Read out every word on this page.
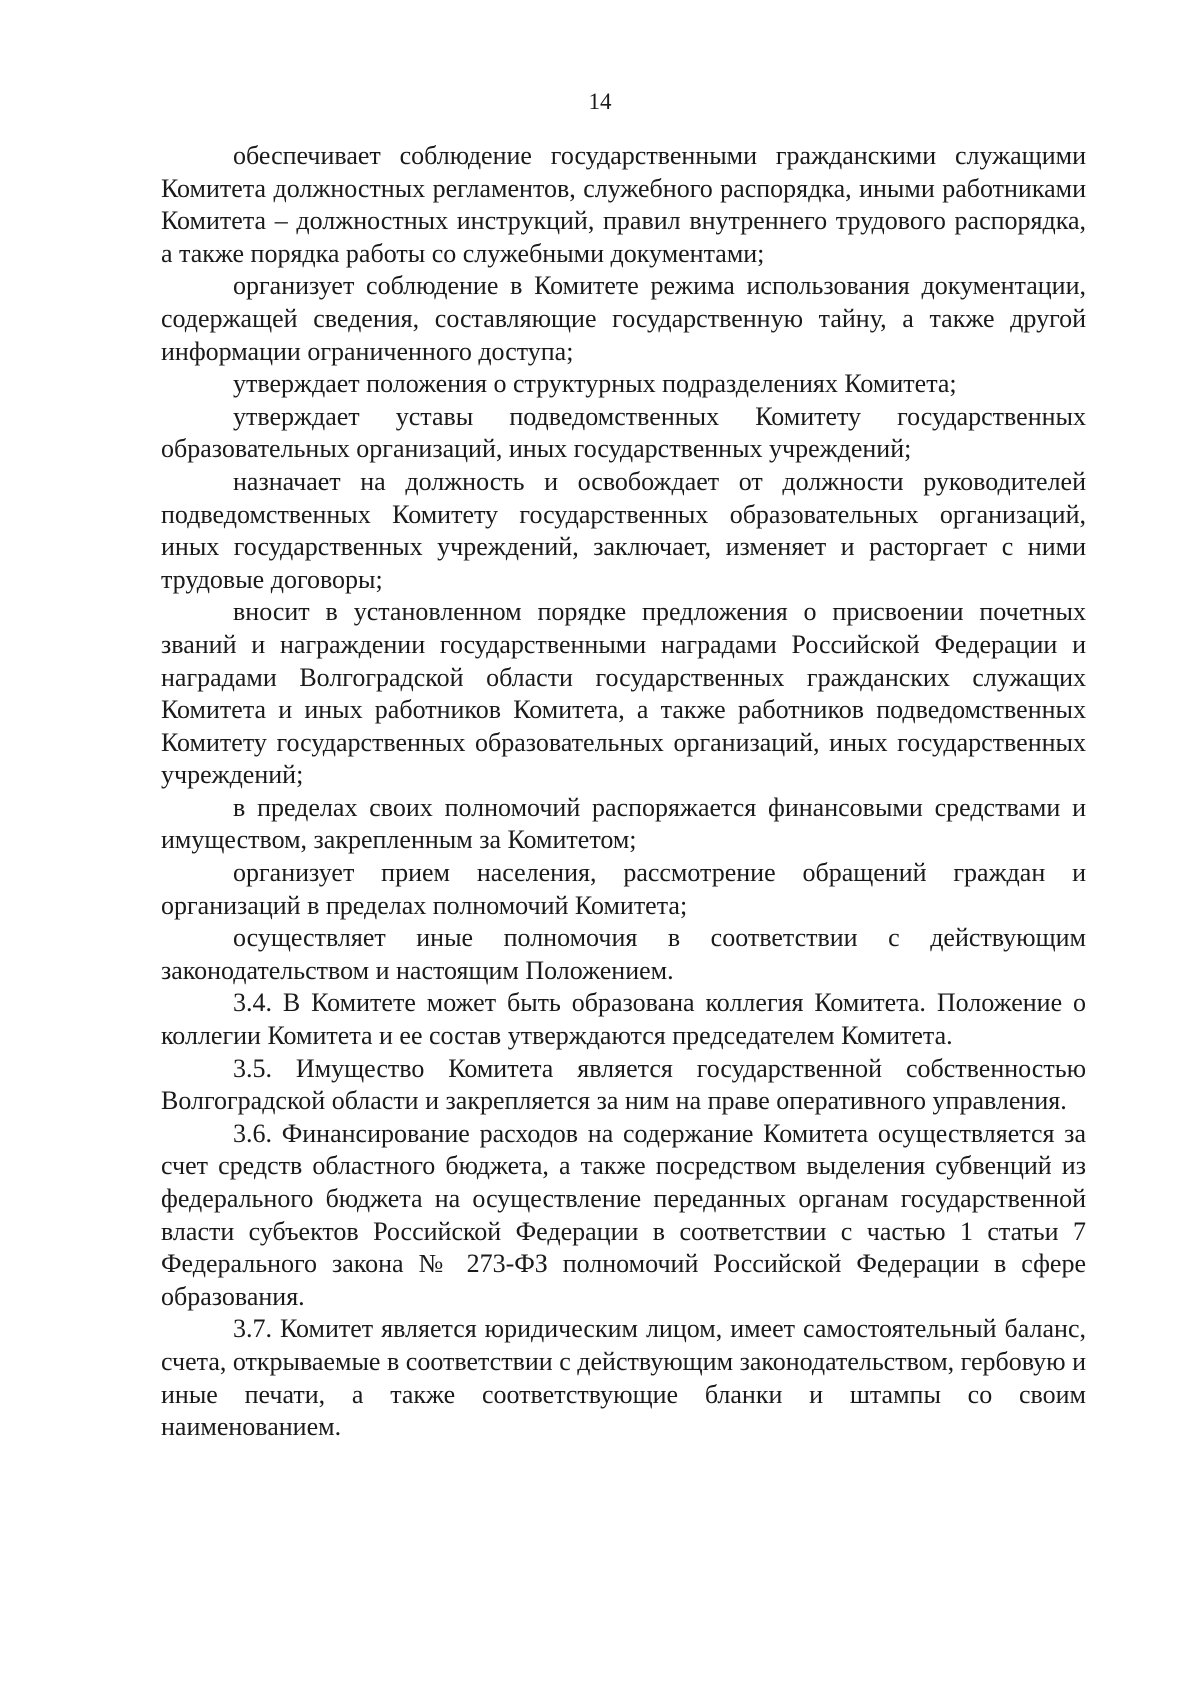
14

обеспечивает соблюдение государственными гражданскими служащими Комитета должностных регламентов, служебного распорядка, иными работниками Комитета – должностных инструкций, правил внутреннего трудового распорядка, а также порядка работы со служебными документами;

организует соблюдение в Комитете режима использования документации, содержащей сведения, составляющие государственную тайну, а также другой информации ограниченного доступа;

утверждает положения о структурных подразделениях Комитета;

утверждает уставы подведомственных Комитету государственных образовательных организаций, иных государственных учреждений;

назначает на должность и освобождает от должности руководителей подведомственных Комитету государственных образовательных организаций, иных государственных учреждений, заключает, изменяет и расторгает с ними трудовые договоры;

вносит в установленном порядке предложения о присвоении почетных званий и награждении государственными наградами Российской Федерации и наградами Волгоградской области государственных гражданских служащих Комитета и иных работников Комитета, а также работников подведомственных Комитету государственных образовательных организаций, иных государственных учреждений;

в пределах своих полномочий распоряжается финансовыми средствами и имуществом, закрепленным за Комитетом;

организует прием населения, рассмотрение обращений граждан и организаций в пределах полномочий Комитета;

осуществляет иные полномочия в соответствии с действующим законодательством и настоящим Положением.

3.4. В Комитете может быть образована коллегия Комитета. Положение о коллегии Комитета и ее состав утверждаются председателем Комитета.

3.5. Имущество Комитета является государственной собственностью Волгоградской области и закрепляется за ним на праве оперативного управления.

3.6. Финансирование расходов на содержание Комитета осуществляется за счет средств областного бюджета, а также посредством выделения субвенций из федерального бюджета на осуществление переданных органам государственной власти субъектов Российской Федерации в соответствии с частью 1 статьи 7 Федерального закона № 273-ФЗ полномочий Российской Федерации в сфере образования.

3.7. Комитет является юридическим лицом, имеет самостоятельный баланс, счета, открываемые в соответствии с действующим законодательством, гербовую и иные печати, а также соответствующие бланки и штампы со своим наименованием.
